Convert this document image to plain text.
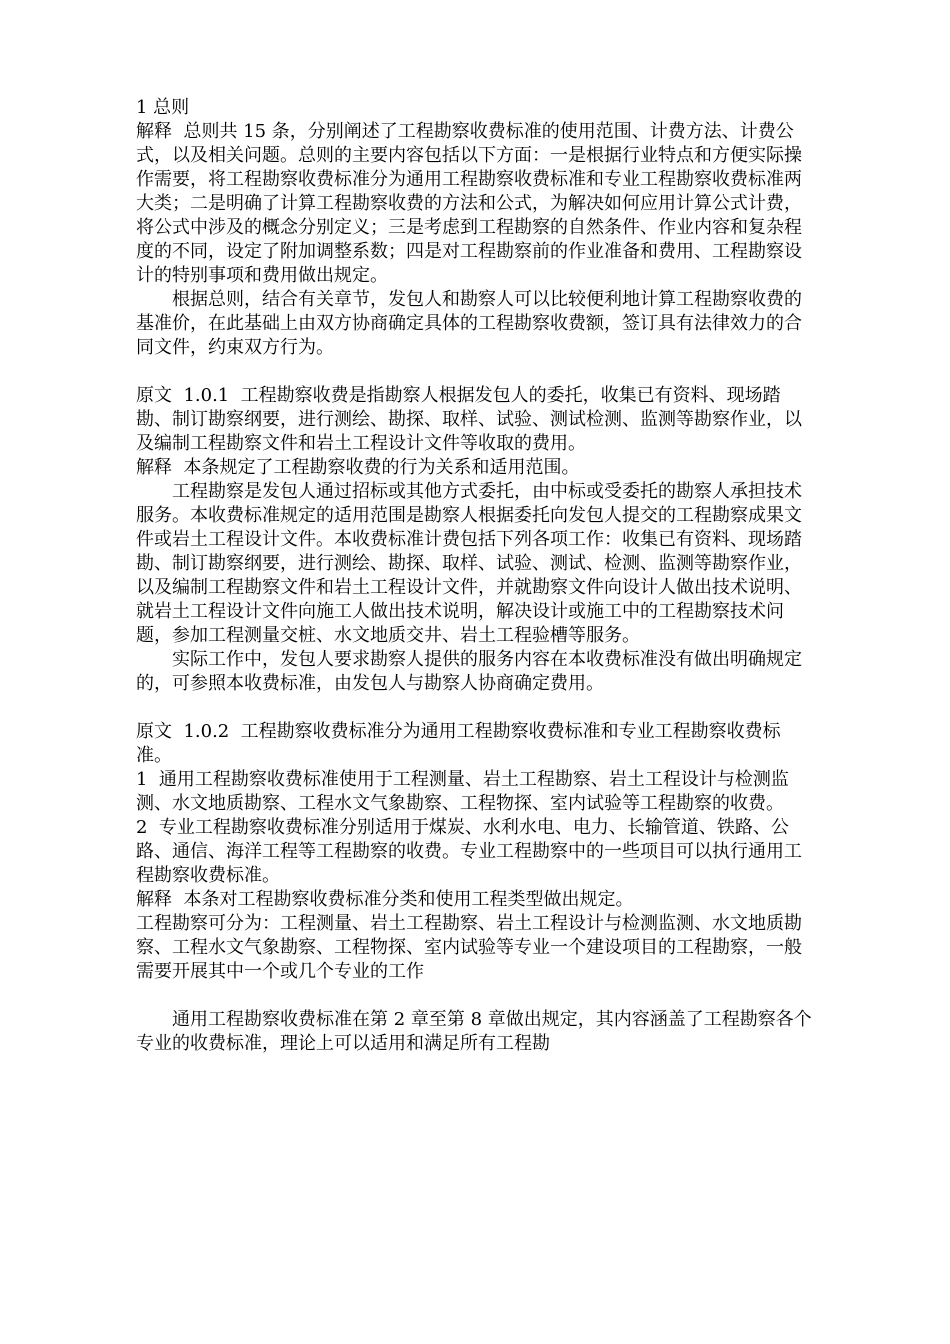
1 总则

解释  总则共 15 条，分别阐述了工程勘察收费标准的使用范围、计费方法、计费公式，以及相关问题。总则的主要内容包括以下方面：一是根据行业特点和方便实际操作需要，将工程勘察收费标准分为通用工程勘察收费标准和专业工程勘察收费标准两大类；二是明确了计算工程勘察收费的方法和公式，为解决如何应用计算公式计费，将公式中涉及的概念分别定义；三是考虑到工程勘察的自然条件、作业内容和复杂程度的不同，设定了附加调整系数；四是对工程勘察前的作业准备和费用、工程勘察设计的特别事项和费用做出规定。

根据总则，结合有关章节，发包人和勘察人可以比较便利地计算工程勘察收费的基准价，在此基础上由双方协商确定具体的工程勘察收费额，签订具有法律效力的合同文件，约束双方行为。

原文  1.0.1  工程勘察收费是指勘察人根据发包人的委托，收集已有资料、现场踏勘、制订勘察纲要，进行测绘、勘探、取样、试验、测试检测、监测等勘察作业，以及编制工程勘察文件和岩土工程设计文件等收取的费用。

解释  本条规定了工程勘察收费的行为关系和适用范围。

工程勘察是发包人通过招标或其他方式委托，由中标或受委托的勘察人承担技术服务。本收费标准规定的适用范围是勘察人根据委托向发包人提交的工程勘察成果文件或岩土工程设计文件。本收费标准计费包括下列各项工作：收集已有资料、现场踏勘、制订勘察纲要，进行测绘、勘探、取样、试验、测试、检测、监测等勘察作业，以及编制工程勘察文件和岩土工程设计文件，并就勘察文件向设计人做出技术说明、就岩土工程设计文件向施工人做出技术说明，解决设计或施工中的工程勘察技术问题，参加工程测量交桩、水文地质交井、岩土工程验槽等服务。

实际工作中，发包人要求勘察人提供的服务内容在本收费标准没有做出明确规定的，可参照本收费标准，由发包人与勘察人协商确定费用。

原文  1.0.2  工程勘察收费标准分为通用工程勘察收费标准和专业工程勘察收费标准。

1  通用工程勘察收费标准使用于工程测量、岩土工程勘察、岩土工程设计与检测监测、水文地质勘察、工程水文气象勘察、工程物探、室内试验等工程勘察的收费。

2  专业工程勘察收费标准分别适用于煤炭、水利水电、电力、长输管道、铁路、公路、通信、海洋工程等工程勘察的收费。专业工程勘察中的一些项目可以执行通用工程勘察收费标准。

解释  本条对工程勘察收费标准分类和使用工程类型做出规定。

工程勘察可分为：工程测量、岩土工程勘察、岩土工程设计与检测监测、水文地质勘察、工程水文气象勘察、工程物探、室内试验等专业一个建设项目的工程勘察，一般需要开展其中一个或几个专业的工作

通用工程勘察收费标准在第 2 章至第 8 章做出规定，其内容涵盖了工程勘察各个专业的收费标准，理论上可以适用和满足所有工程勘
